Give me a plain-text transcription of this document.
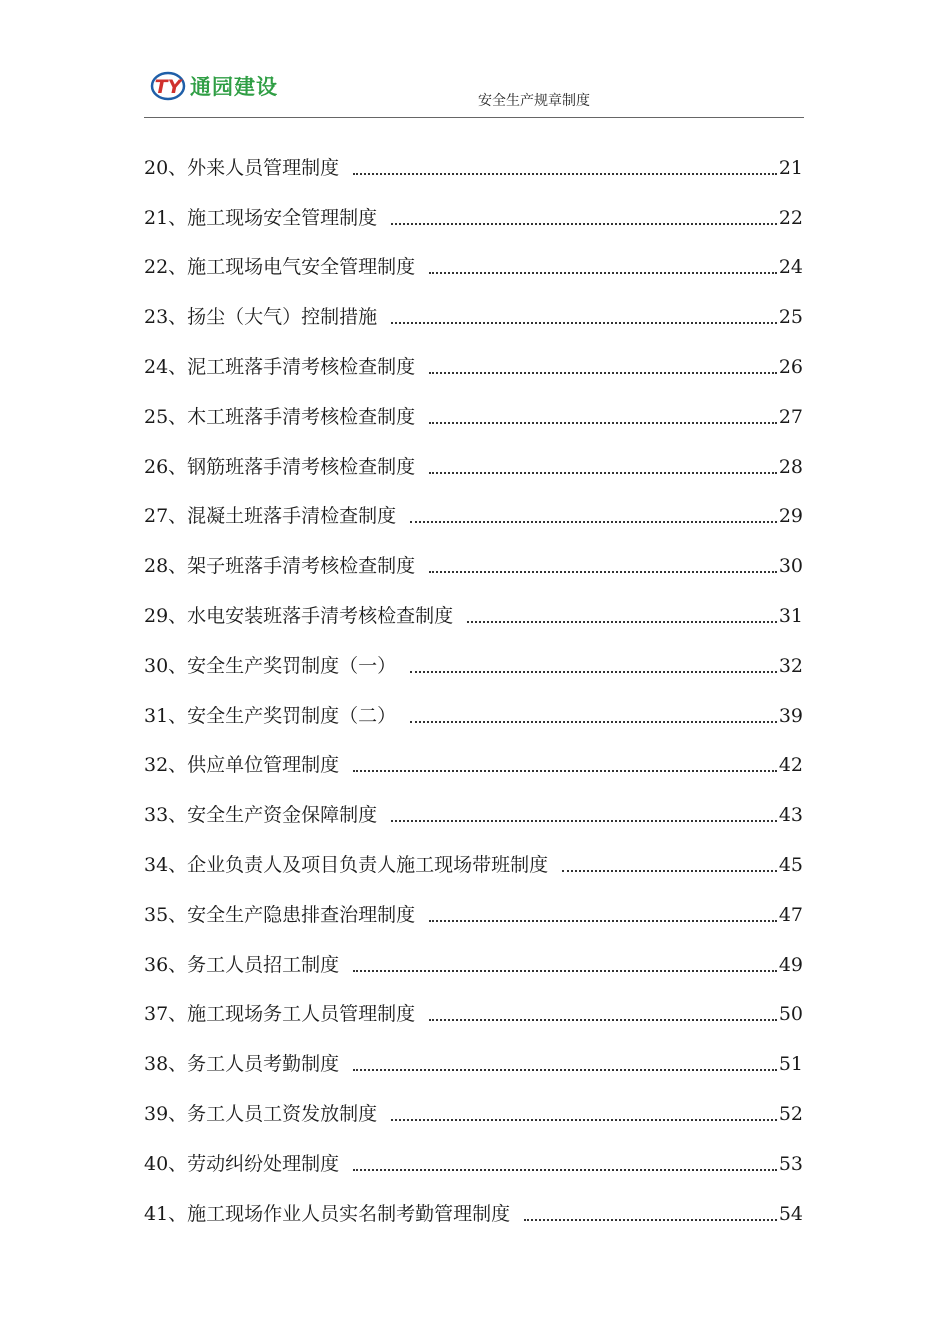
TY 通园建设
安全生产规章制度
20、外来人员管理制度	21
21、施工现场安全管理制度	22
22、施工现场电气安全管理制度	24
23、扬尘（大气）控制措施	25
24、泥工班落手清考核检查制度	26
25、木工班落手清考核检查制度	27
26、钢筋班落手清考核检查制度	28
27、混凝土班落手清检查制度	29
28、架子班落手清考核检查制度	30
29、水电安装班落手清考核检查制度	31
30、安全生产奖罚制度（一）	32
31、安全生产奖罚制度（二）	39
32、供应单位管理制度	42
33、安全生产资金保障制度	43
34、企业负责人及项目负责人施工现场带班制度	45
35、安全生产隐患排查治理制度	47
36、务工人员招工制度	49
37、施工现场务工人员管理制度	50
38、务工人员考勤制度	51
39、务工人员工资发放制度	52
40、劳动纠纷处理制度	53
41、施工现场作业人员实名制考勤管理制度	54
